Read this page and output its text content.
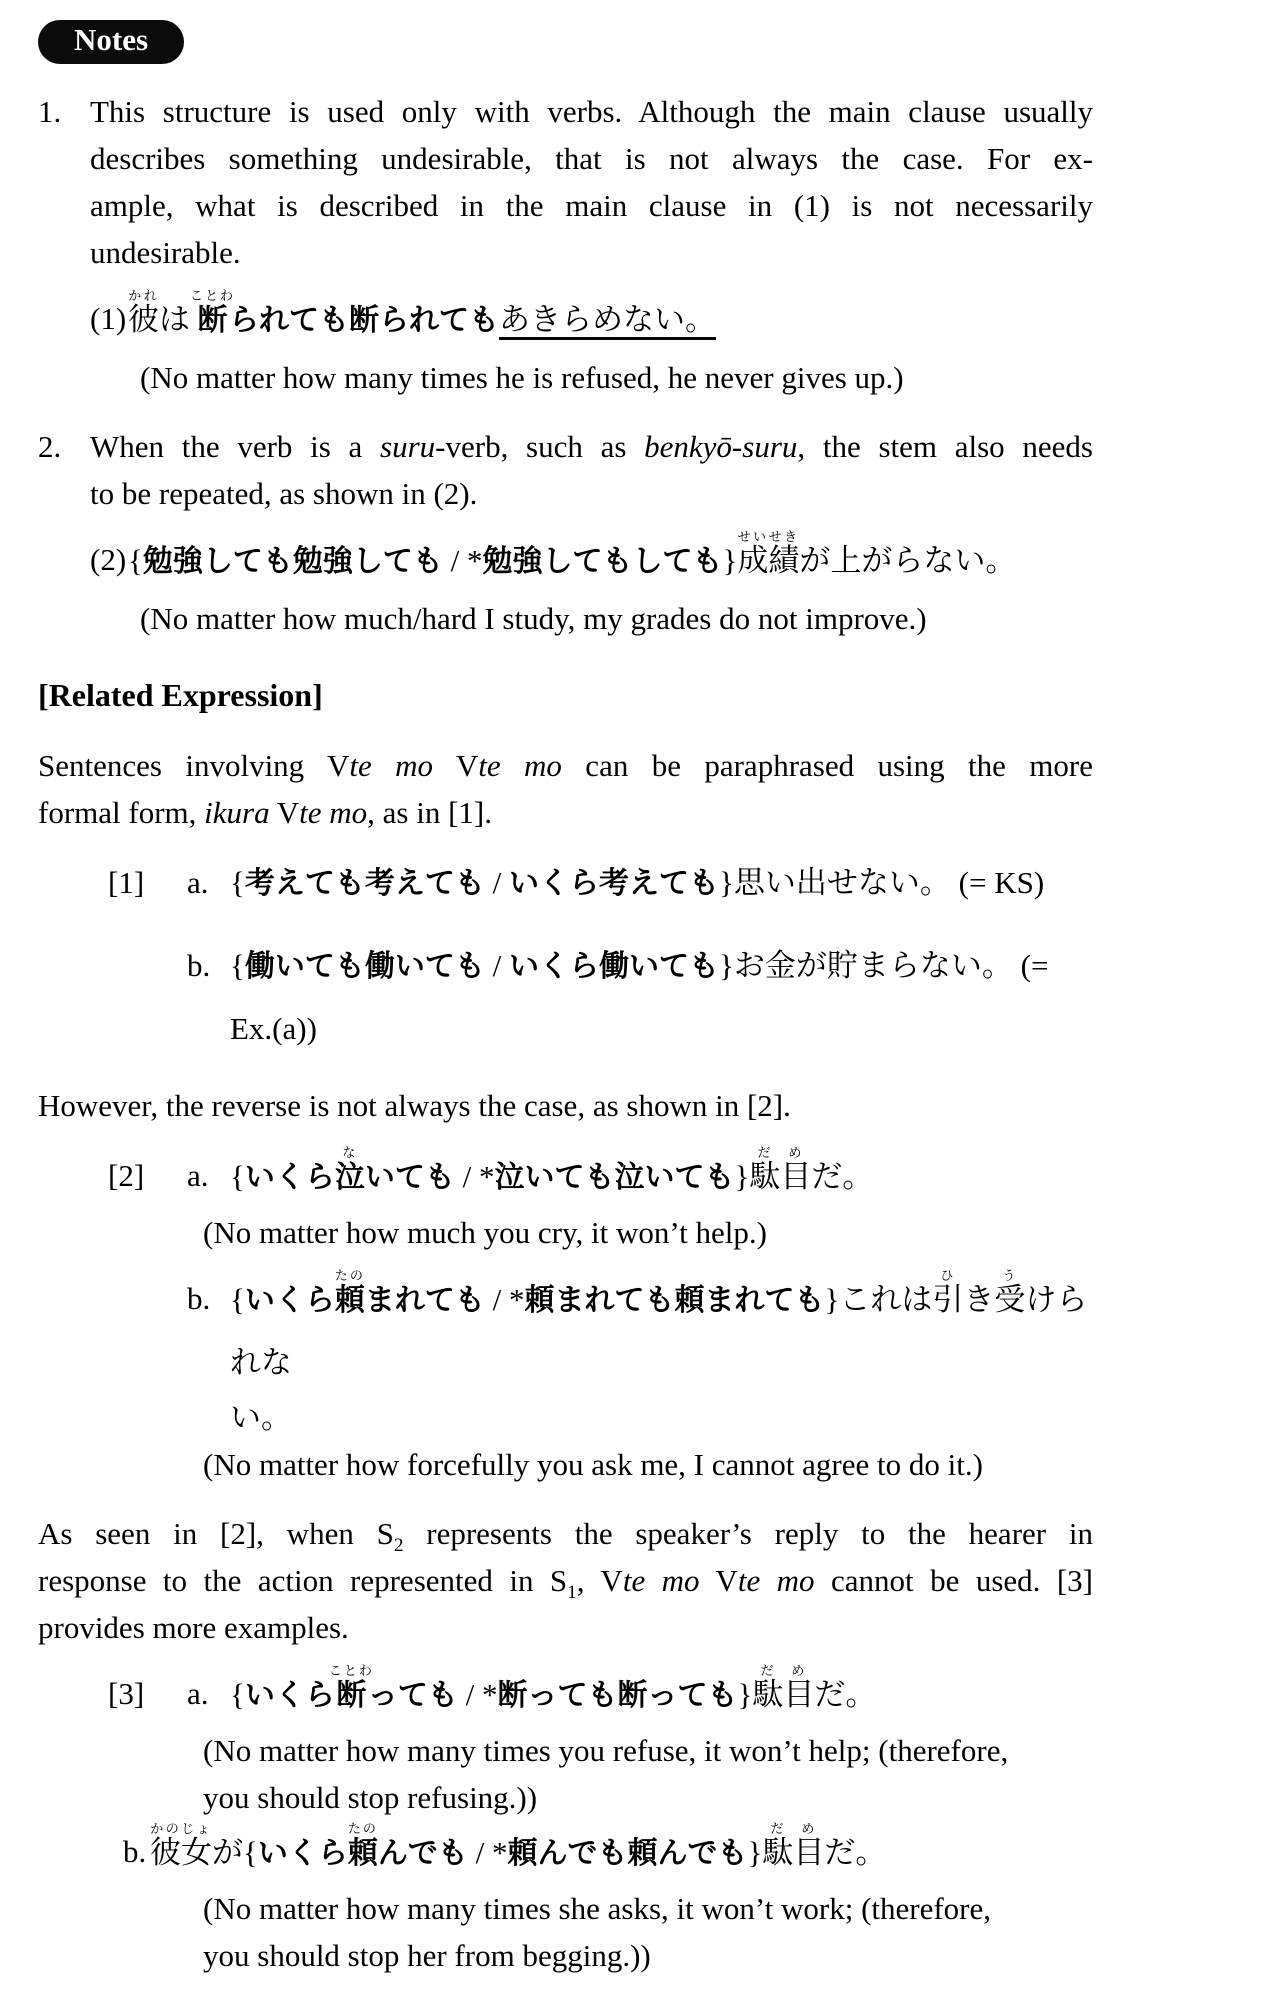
Notes
1. This structure is used only with verbs. Although the main clause usually
describes something undesirable, that is not always the case. For ex-
ample, what is described in the main clause in (1) is not necessarily
undesirable.
(1) 彼かれは断ことわられても断られてもあきらめない。
(No matter how many times he is refused, he never gives up.)
2. When the verb is a suru-verb, such as benkyō-suru, the stem also needs
to be repeated, as shown in (2).
(2) {勉強しても勉強しても / *勉強してもしても}成績せいせきが上がらない。
(No matter how much/hard I study, my grades do not improve.)
[Related Expression]
Sentences involving Vte mo Vte mo can be paraphrased using the more
formal form, ikura Vte mo, as in [1].
[1]	a. {考えても考えても / いくら考えても}思い出せない。 (= KS)
b. {働いても働いても / いくら働いても}お金が貯まらない。 (= Ex.(a))
However, the reverse is not always the case, as shown in [2].
[2]	a. {いくら泣ないても / *泣いても泣いても}駄目だめだ。
(No matter how much you cry, it won’t help.)
b. {いくら頼たのまれても / *頼まれても頼まれても}これは引ひき受うけられな
い。
(No matter how forcefully you ask me, I cannot agree to do it.)
As seen in [2], when $S_2$ represents the speaker’s reply to the hearer in
response to the action represented in $S_1$, Vte mo Vte mo cannot be used. [3]
provides more examples.
[3]	a. {いくら断ことわっても / *断っても断っても}駄目だめだ。
(No matter how many times you refuse, it won’t help; (therefore,
you should stop refusing.))
b. 彼女かのじょが{いくら頼たのんでも / *頼んでも頼んでも}駄目だめだ。
(No matter how many times she asks, it won’t work; (therefore,
you should stop her from begging.))
